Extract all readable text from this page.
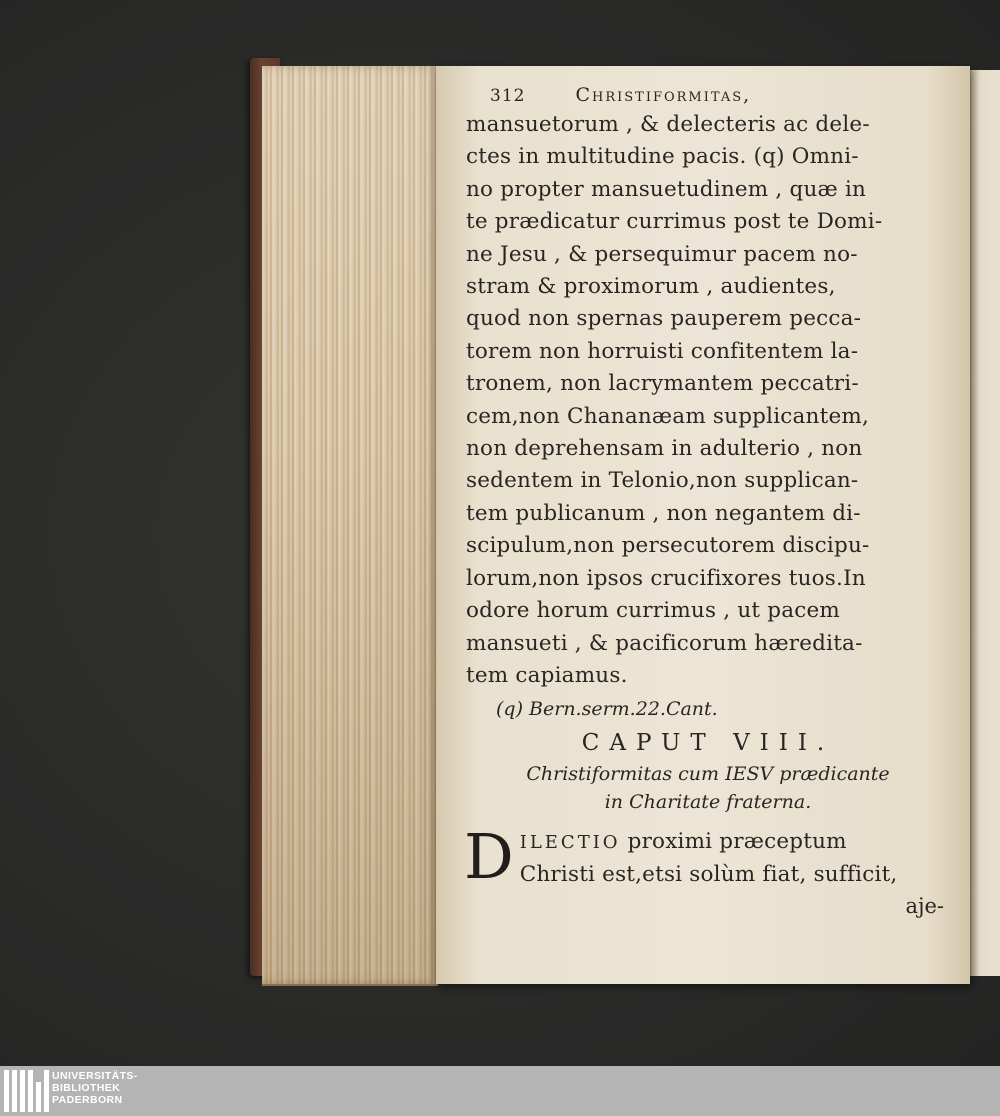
312	Christiformitas,
mansuetorum , & delecteris ac dele-
ctes in multitudine pacis. (q) Omni-
no propter mansuetudinem , quæ in
te prædicatur currimus post te Domi-
ne Jesu , & persequimur pacem no-
stram & proximorum , audientes,
quod non spernas pauperem pecca-
torem non horruisti confitentem la-
tronem, non lacrymantem peccatri-
cem,non Chananæam supplicantem,
non deprehensam in adulterio , non
sedentem in Telonio,non supplican-
tem publicanum , non negantem di-
scipulum,non persecutorem discipu-
lorum,non ipsos crucifixores tuos.In
odore horum currimus , ut pacem
mansueti , & pacificorum hæredita-
tem capiamus.
(q) Bern.serm.22.Cant.
CAPUT VIII.
Christiformitas cum IESV prædicante
in Charitate fraterna.
D ILECTIO proximi præceptum
Christi est,etsi solùm fiat, sufficit,
aje-
UNIVERSITÄTS-
BIBLIOTHEK
PADERBORN
